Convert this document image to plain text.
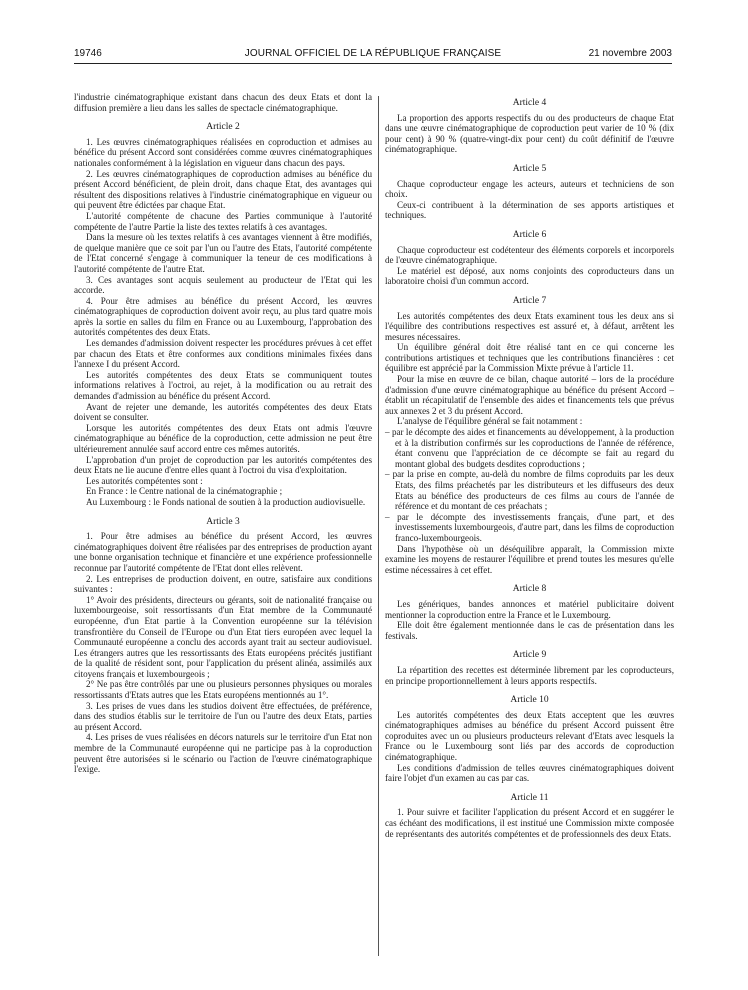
19746	JOURNAL OFFICIEL DE LA RÉPUBLIQUE FRANÇAISE	21 novembre 2003

l'industrie cinématographique existant dans chacun des deux Etats et dont la diffusion première a lieu dans les salles de spectacle cinématographique.

Article 2

1. Les œuvres cinématographiques réalisées en coproduction et admises au bénéfice du présent Accord sont considérées comme œuvres cinématographiques nationales conformément à la législation en vigueur dans chacun des pays.

2. Les œuvres cinématographiques de coproduction admises au bénéfice du présent Accord bénéficient, de plein droit, dans chaque Etat, des avantages qui résultent des dispositions relatives à l'industrie cinématographique en vigueur ou qui peuvent être édictées par chaque Etat.

L'autorité compétente de chacune des Parties communique à l'autorité compétente de l'autre Partie la liste des textes relatifs à ces avantages.

Dans la mesure où les textes relatifs à ces avantages viennent à être modifiés, de quelque manière que ce soit par l'un ou l'autre des Etats, l'autorité compétente de l'Etat concerné s'engage à communiquer la teneur de ces modifications à l'autorité compétente de l'autre Etat.

3. Ces avantages sont acquis seulement au producteur de l'Etat qui les accorde.

4. Pour être admises au bénéfice du présent Accord, les œuvres cinématographiques de coproduction doivent avoir reçu, au plus tard quatre mois après la sortie en salles du film en France ou au Luxembourg, l'approbation des autorités compétentes des deux Etats.

Les demandes d'admission doivent respecter les procédures prévues à cet effet par chacun des Etats et être conformes aux conditions minimales fixées dans l'annexe I du présent Accord.

Les autorités compétentes des deux Etats se communiquent toutes informations relatives à l'octroi, au rejet, à la modification ou au retrait des demandes d'admission au bénéfice du présent Accord.

Avant de rejeter une demande, les autorités compétentes des deux Etats doivent se consulter.

Lorsque les autorités compétentes des deux Etats ont admis l'œuvre cinématographique au bénéfice de la coproduction, cette admission ne peut être ultérieurement annulée sauf accord entre ces mêmes autorités.

L'approbation d'un projet de coproduction par les autorités compétentes des deux Etats ne lie aucune d'entre elles quant à l'octroi du visa d'exploitation.

Les autorités compétentes sont :

En France : le Centre national de la cinématographie ;

Au Luxembourg : le Fonds national de soutien à la production audiovisuelle.

Article 3

1. Pour être admises au bénéfice du présent Accord, les œuvres cinématographiques doivent être réalisées par des entreprises de production ayant une bonne organisation technique et financière et une expérience professionnelle reconnue par l'autorité compétente de l'Etat dont elles relèvent.

2. Les entreprises de production doivent, en outre, satisfaire aux conditions suivantes :

1° Avoir des présidents, directeurs ou gérants, soit de nationalité française ou luxembourgeoise, soit ressortissants d'un Etat membre de la Communauté européenne, d'un Etat partie à la Convention européenne sur la télévision transfrontière du Conseil de l'Europe ou d'un Etat tiers européen avec lequel la Communauté européenne a conclu des accords ayant trait au secteur audiovisuel. Les étrangers autres que les ressortissants des Etats européens précités justifiant de la qualité de résident sont, pour l'application du présent alinéa, assimilés aux citoyens français et luxembourgeois ;

2° Ne pas être contrôlés par une ou plusieurs personnes physiques ou morales ressortissants d'Etats autres que les Etats européens mentionnés au 1°.

3. Les prises de vues dans les studios doivent être effectuées, de préférence, dans des studios établis sur le territoire de l'un ou l'autre des deux Etats, parties au présent Accord.

4. Les prises de vues réalisées en décors naturels sur le territoire d'un Etat non membre de la Communauté européenne qui ne participe pas à la coproduction peuvent être autorisées si le scénario ou l'action de l'œuvre cinématographique l'exige.

Article 4

La proportion des apports respectifs du ou des producteurs de chaque Etat dans une œuvre cinématographique de coproduction peut varier de 10 % (dix pour cent) à 90 % (quatre-vingt-dix pour cent) du coût définitif de l'œuvre cinématographique.

Article 5

Chaque coproducteur engage les acteurs, auteurs et techniciens de son choix.

Ceux-ci contribuent à la détermination de ses apports artistiques et techniques.

Article 6

Chaque coproducteur est codétenteur des éléments corporels et incorporels de l'œuvre cinématographique.

Le matériel est déposé, aux noms conjoints des coproducteurs dans un laboratoire choisi d'un commun accord.

Article 7

Les autorités compétentes des deux Etats examinent tous les deux ans si l'équilibre des contributions respectives est assuré et, à défaut, arrêtent les mesures nécessaires.

Un équilibre général doit être réalisé tant en ce qui concerne les contributions artistiques et techniques que les contributions financières : cet équilibre est apprécié par la Commission Mixte prévue à l'article 11.

Pour la mise en œuvre de ce bilan, chaque autorité – lors de la procédure d'admission d'une œuvre cinématographique au bénéfice du présent Accord – établit un récapitulatif de l'ensemble des aides et financements tels que prévus aux annexes 2 et 3 du présent Accord.

L'analyse de l'équilibre général se fait notamment :

– par le décompte des aides et financements au développement, à la production et à la distribution confirmés sur les coproductions de l'année de référence, étant convenu que l'appréciation de ce décompte se fait au regard du montant global des budgets desdites coproductions ;
– par la prise en compte, au-delà du nombre de films coproduits par les deux Etats, des films préachetés par les distributeurs et les diffuseurs des deux Etats au bénéfice des producteurs de ces films au cours de l'année de référence et du montant de ces préachats ;
– par le décompte des investissements français, d'une part, et des investissements luxembourgeois, d'autre part, dans les films de coproduction franco-luxembourgeois.

Dans l'hypothèse où un déséquilibre apparaît, la Commission mixte examine les moyens de restaurer l'équilibre et prend toutes les mesures qu'elle estime nécessaires à cet effet.

Article 8

Les génériques, bandes annonces et matériel publicitaire doivent mentionner la coproduction entre la France et le Luxembourg.

Elle doit être également mentionnée dans le cas de présentation dans les festivals.

Article 9

La répartition des recettes est déterminée librement par les coproducteurs, en principe proportionnellement à leurs apports respectifs.

Article 10

Les autorités compétentes des deux Etats acceptent que les œuvres cinématographiques admises au bénéfice du présent Accord puissent être coproduites avec un ou plusieurs producteurs relevant d'Etats avec lesquels la France ou le Luxembourg sont liés par des accords de coproduction cinématographique.

Les conditions d'admission de telles œuvres cinématographiques doivent faire l'objet d'un examen au cas par cas.

Article 11

1. Pour suivre et faciliter l'application du présent Accord et en suggérer le cas échéant des modifications, il est institué une Commission mixte composée de représentants des autorités compétentes et de professionnels des deux Etats.
